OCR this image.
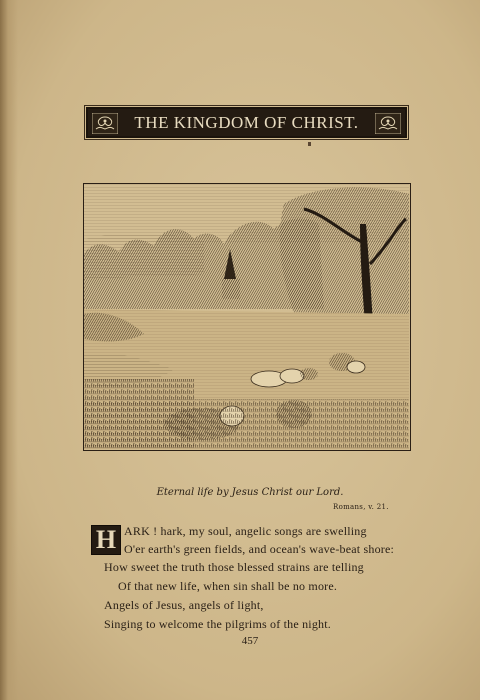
THE KINGDOM OF CHRIST.
Eternal life by Jesus Christ our Lord.
Romans, v. 21.
H ARK ! hark, my soul, angelic songs are swelling
O'er earth's green fields, and ocean's wave-beat shore:
How sweet the truth those blessed strains are telling
Of that new life, when sin shall be no more.
Angels of Jesus, angels of light,
Singing to welcome the pilgrims of the night.
457
